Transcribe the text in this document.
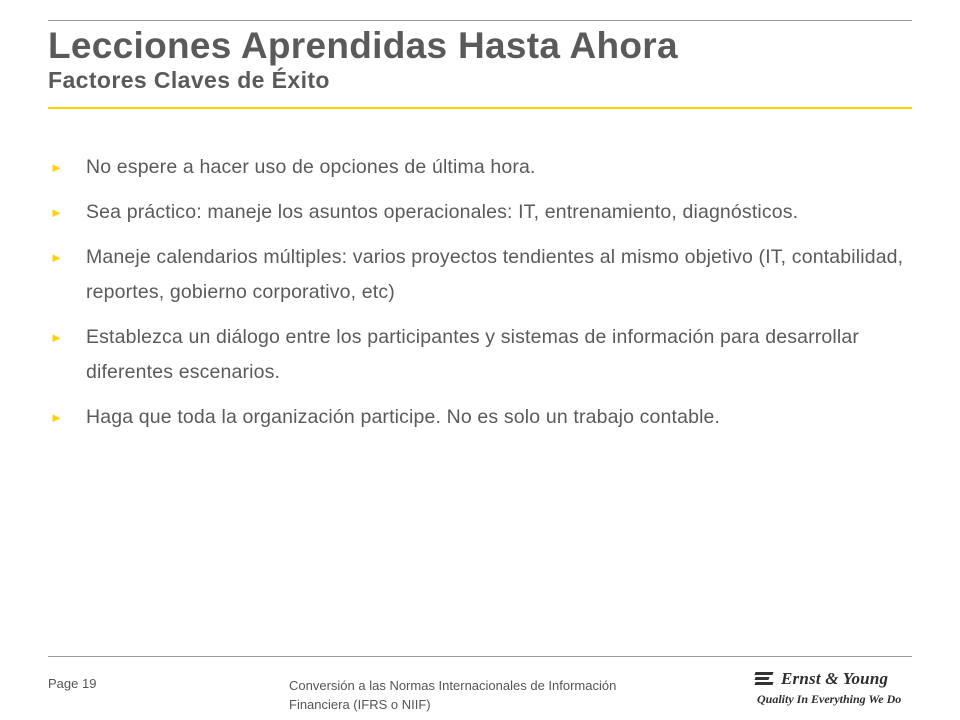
Lecciones Aprendidas Hasta Ahora
Factores Claves de Éxito
► No espere a hacer uso de opciones de última hora.
► Sea práctico: maneje los asuntos operacionales: IT, entrenamiento, diagnósticos.
► Maneje calendarios múltiples: varios proyectos tendientes al mismo objetivo (IT, contabilidad, reportes, gobierno corporativo, etc)
► Establezca un diálogo entre los participantes y sistemas de información para desarrollar diferentes escenarios.
► Haga que toda la organización participe. No es solo un trabajo contable.
Page 19	Conversión a las Normas Internacionales de Información
Financiera (IFRS o NIIF)
Ernst & Young
Quality In Everything We Do
